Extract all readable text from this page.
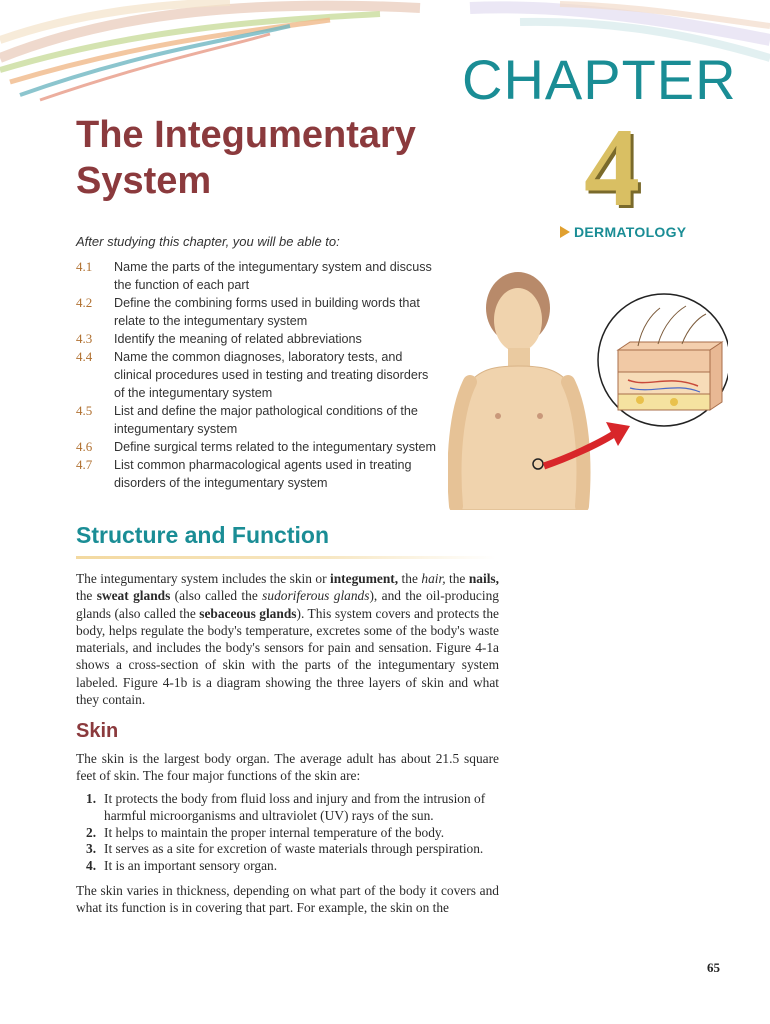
CHAPTER
4
The Integumentary System
DERMATOLOGY
After studying this chapter, you will be able to:
4.1	Name the parts of the integumentary system and discuss the function of each part
4.2	Define the combining forms used in building words that relate to the integumentary system
4.3	Identify the meaning of related abbreviations
4.4	Name the common diagnoses, laboratory tests, and clinical procedures used in testing and treating disorders of the integumentary system
4.5	List and define the major pathological conditions of the integumentary system
4.6	Define surgical terms related to the integumentary system
4.7	List common pharmacological agents used in treating disorders of the integumentary system
Structure and Function

The integumentary system includes the skin or integument, the hair, the nails, the sweat glands (also called the sudoriferous glands), and the oil-producing glands (also called the sebaceous glands). This system covers and protects the body, helps regulate the body's temperature, excretes some of the body's waste materials, and includes the body's sensors for pain and sensation. Figure 4-1a shows a cross-section of skin with the parts of the integumentary system labeled. Figure 4-1b is a diagram showing the three layers of skin and what they contain.

Skin

The skin is the largest body organ. The average adult has about 21.5 square feet of skin. The four major functions of the skin are:

1. It protects the body from fluid loss and injury and from the intrusion of harmful microorganisms and ultraviolet (UV) rays of the sun.
2. It helps to maintain the proper internal temperature of the body.
3. It serves as a site for excretion of waste materials through perspiration.
4. It is an important sensory organ.

The skin varies in thickness, depending on what part of the body it covers and what its function is in covering that part. For example, the skin on the

65
